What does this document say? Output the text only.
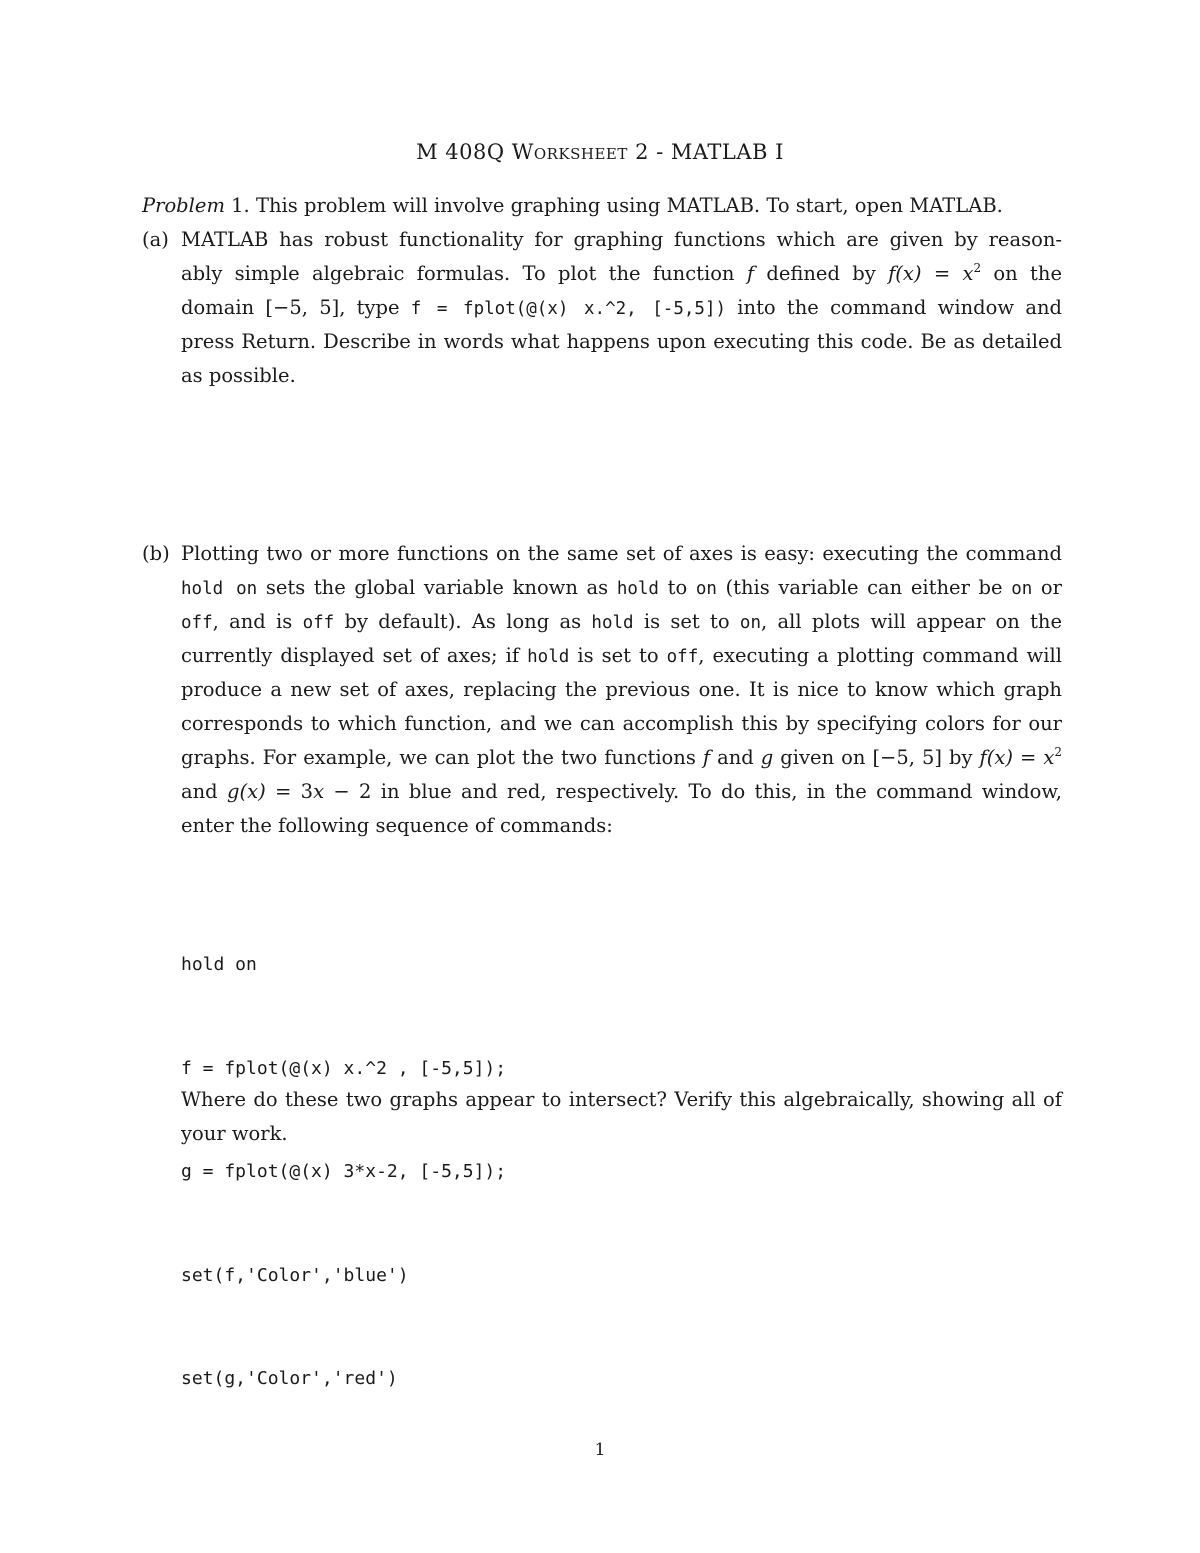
M 408Q Worksheet 2 - MATLAB I
Problem 1. This problem will involve graphing using MATLAB. To start, open MATLAB.
(a) MATLAB has robust functionality for graphing functions which are given by reason-
ably simple algebraic formulas. To plot the function f defined by $f(x) = x^2$ on the
domain [−5, 5], type f = fplot(@(x) x.^2, [-5,5]) into the command window and
press Return. Describe in words what happens upon executing this code. Be as detailed
as possible.
(b) Plotting two or more functions on the same set of axes is easy: executing the command
hold on sets the global variable known as hold to on (this variable can either be on or
off, and is off by default). As long as hold is set to on, all plots will appear on the
currently displayed set of axes; if hold is set to off, executing a plotting command will
produce a new set of axes, replacing the previous one. It is nice to know which graph
corresponds to which function, and we can accomplish this by specifying colors for our
graphs. For example, we can plot the two functions f and g given on [−5, 5] by $f(x) = x^2$
and g(x) = 3x − 2 in blue and red, respectively. To do this, in the command window,
enter the following sequence of commands:

hold on

f = fplot(@(x) x.^2 , [-5,5]);

g = fplot(@(x) 3*x-2, [-5,5]);

set(f,'Color','blue')

set(g,'Color','red')

Where do these two graphs appear to intersect? Verify this algebraically, showing all of
your work.
1
